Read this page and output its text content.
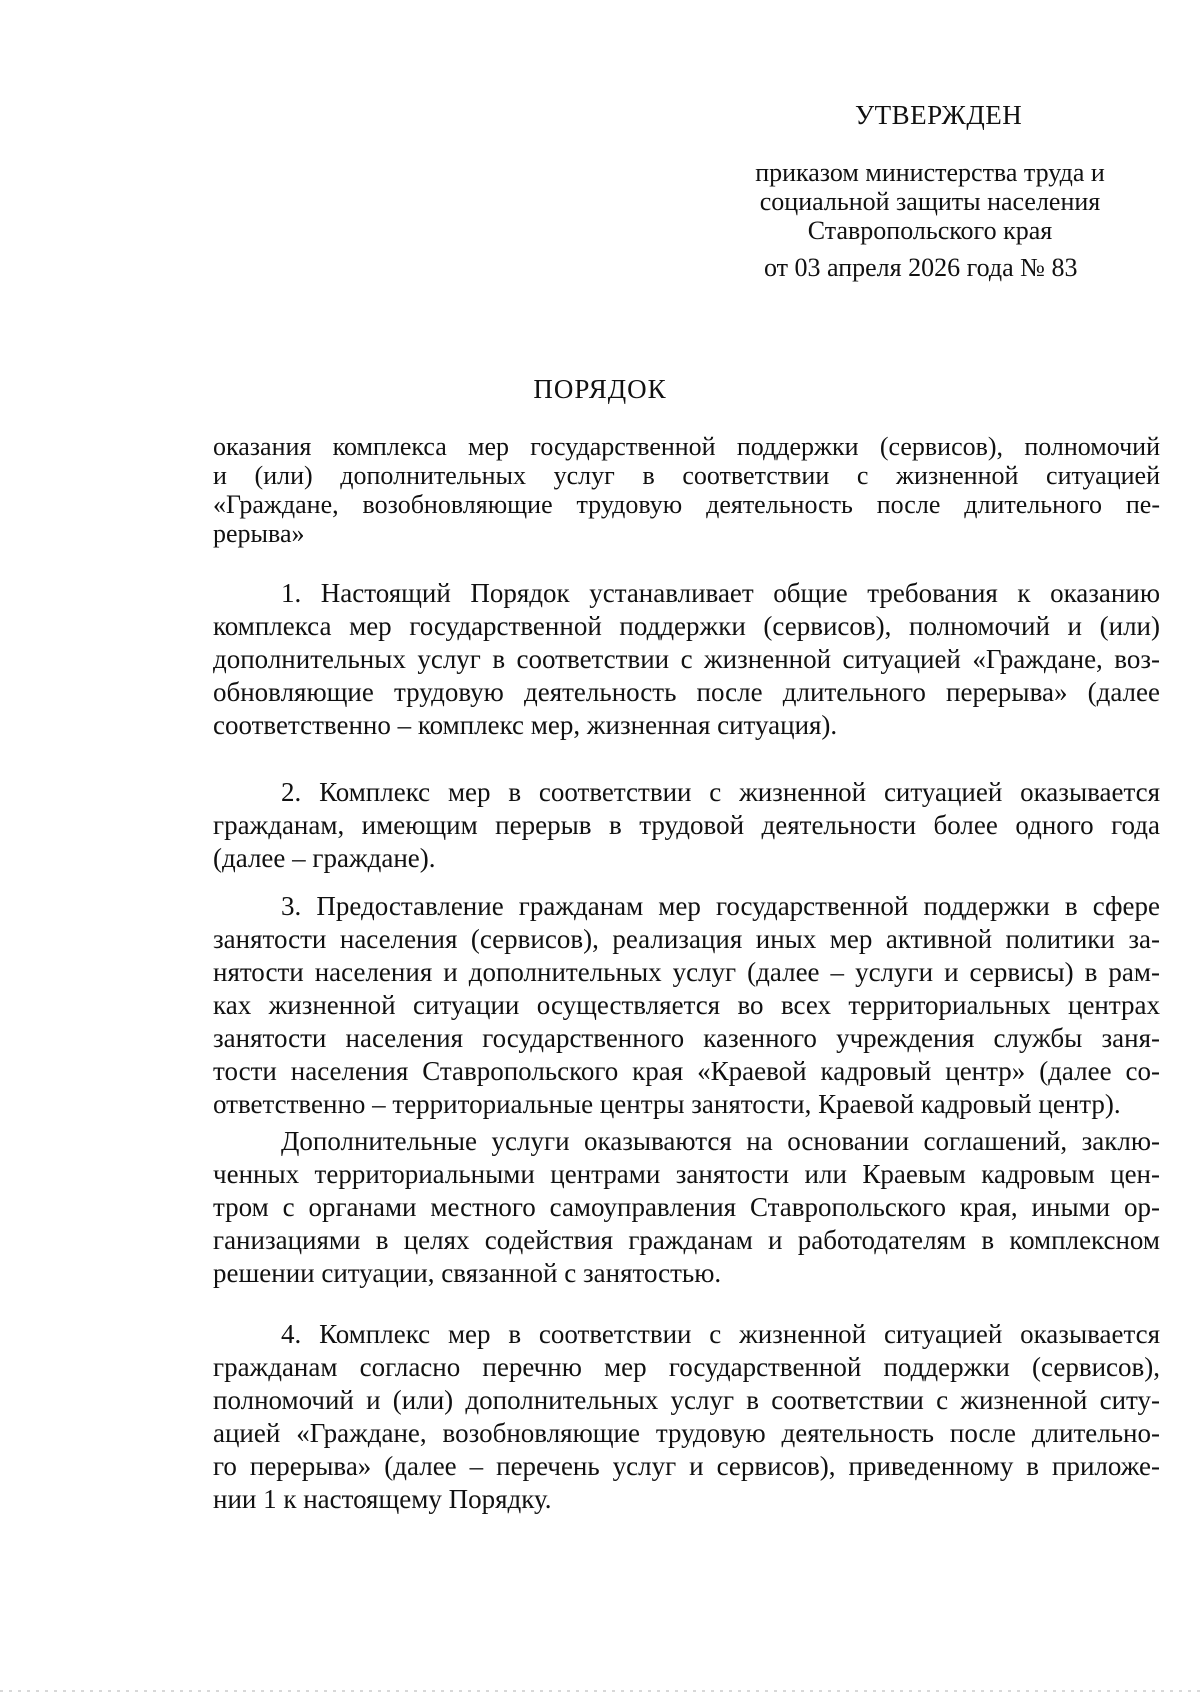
УТВЕРЖДЕН
приказом министерства труда и
социальной защиты населения
Ставропольского края
от 03 апреля 2026 года № 83
ПОРЯДОК
оказания комплекса мер государственной поддержки (сервисов), полномочий
и (или) дополнительных услуг в соответствии с жизненной ситуацией
«Граждане, возобновляющие трудовую деятельность после длительного пе-
рерыва»
1. Настоящий Порядок устанавливает общие требования к оказанию
комплекса мер государственной поддержки (сервисов), полномочий и (или)
дополнительных услуг в соответствии с жизненной ситуацией «Граждане, воз-
обновляющие трудовую деятельность после длительного перерыва» (далее
соответственно – комплекс мер, жизненная ситуация).
2. Комплекс мер в соответствии с жизненной ситуацией оказывается
гражданам, имеющим перерыв в трудовой деятельности более одного года
(далее – граждане).
3. Предоставление гражданам мер государственной поддержки в сфере
занятости населения (сервисов), реализация иных мер активной политики за-
нятости населения и дополнительных услуг (далее – услуги и сервисы) в рам-
ках жизненной ситуации осуществляется во всех территориальных центрах
занятости населения государственного казенного учреждения службы заня-
тости населения Ставропольского края «Краевой кадровый центр» (далее со-
ответственно – территориальные центры занятости, Краевой кадровый центр).
Дополнительные услуги оказываются на основании соглашений, заклю-
ченных территориальными центрами занятости или Краевым кадровым цен-
тром с органами местного самоуправления Ставропольского края, иными ор-
ганизациями в целях содействия гражданам и работодателям в комплексном
решении ситуации, связанной с занятостью.
4. Комплекс мер в соответствии с жизненной ситуацией оказывается
гражданам согласно перечню мер государственной поддержки (сервисов),
полномочий и (или) дополнительных услуг в соответствии с жизненной ситу-
ацией «Граждане, возобновляющие трудовую деятельность после длительно-
го перерыва» (далее – перечень услуг и сервисов), приведенному в приложе-
нии 1 к настоящему Порядку.
